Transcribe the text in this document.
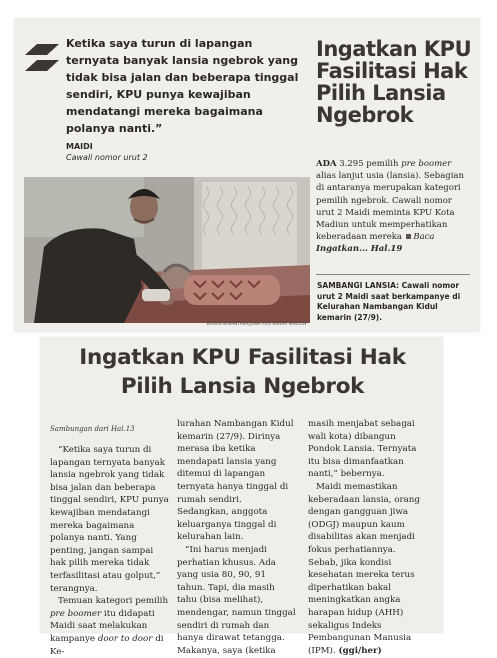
Ketika saya turun di lapangan ternyata banyak lansia ngebrok yang tidak bisa jalan dan beberapa tinggal sendiri, KPU punya kewajiban mendatangi mereka bagaimana polanya nanti.”

MAIDI
Cawali nomor urut 2
Ingatkan KPU Fasilitasi Hak Pilih Lansia Ngebrok

ADA 3.295 pemilih pre boomer alias lanjut usia (lansia). Sebagian di antaranya merupakan kategori pemilih ngebrok. Cawali nomor urut 2 Maidi meminta KPU Kota Madiun untuk memperhatikan keberadaan mereka Baca Ingatkan... Hal.19

BAGAS BIMANTARA/JAWA POS RADAR MADIUN

SAMBANGI LANSIA: Cawali nomor urut 2 Maidi saat berkampanye di Kelurahan Nambangan Kidul kemarin (27/9).

Ingatkan KPU Fasilitasi Hak Pilih Lansia Ngebrok
Sambungan dari Hal.13

“Ketika saya turun di lapangan ternyata banyak lansia ngebrok yang tidak bisa jalan dan beberapa tinggal sendiri, KPU punya kewajiban mendatangi mereka bagaimana polanya nanti. Yang penting, jangan sampai hak pilih mereka tidak terfasilitasi atau golput,” terangnya.

Temuan kategori pemilih pre boomer itu didapati Maidi saat melakukan kampanye door to door di Ke-

lurahan Nambangan Kidul kemarin (27/9). Dirinya merasa iba ketika mendapati lansia yang ditemui di lapangan ternyata hanya tinggal di rumah sendiri. Sedangkan, anggota keluarganya tinggal di kelurahan lain.

“Ini harus menjadi perhatian khusus. Ada yang usia 80, 90, 91 tahun. Tapi, dia masih tahu (bisa melihat), mendengar, namun tinggal sendiri di rumah dan hanya dirawat tetangga. Makanya, saya (ketika

masih menjabat sebagai wali kota) dibangun Pondok Lansia. Ternyata itu bisa dimanfaatkan nanti,” bebernya.

Maidi memastikan keberadaan lansia, orang dengan gangguan jiwa (ODGJ) maupun kaum disabilitas akan menjadi fokus perhatiannya. Sebab, jika kondisi kesehatan mereka terus diperhatikan bakal meningkatkan angka harapan hidup (AHH) sekaligus Indeks Pembangunan Manusia (IPM). (ggi/her)
